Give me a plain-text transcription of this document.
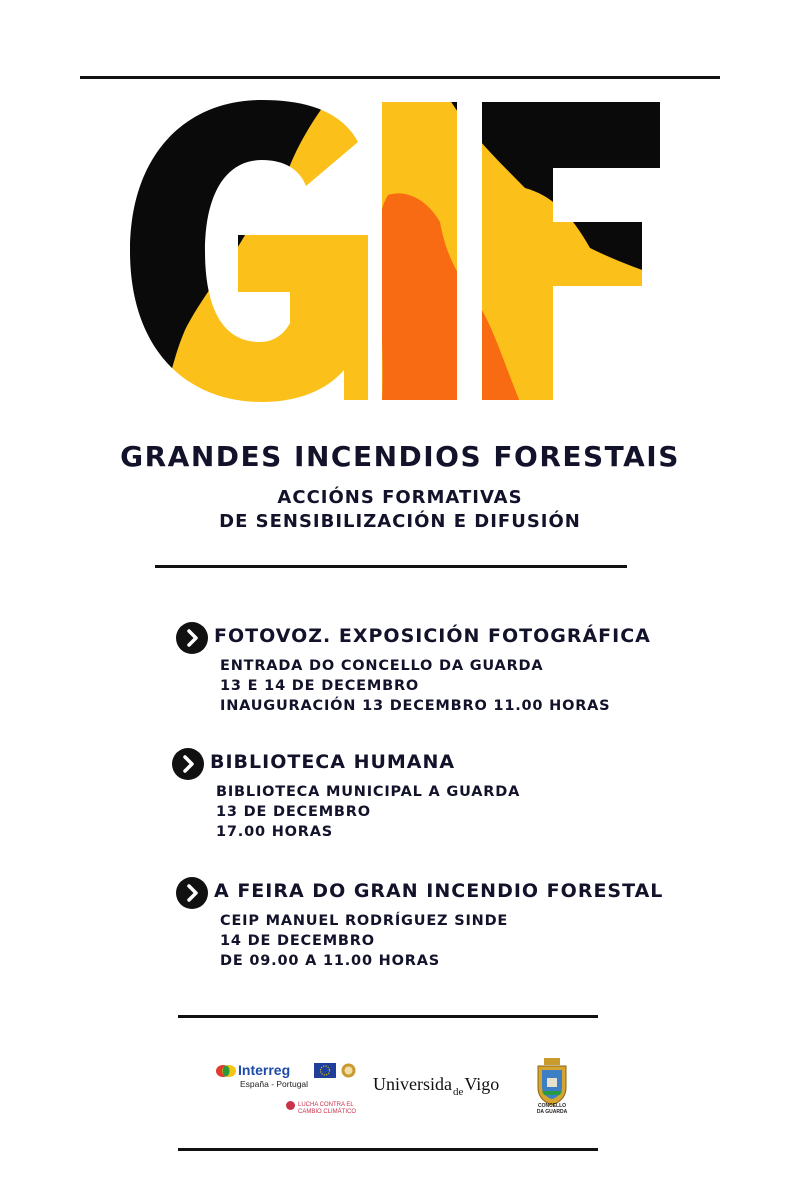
GRANDES INCENDIOS FORESTAIS
ACCIÓNS FORMATIVAS
DE SENSIBILIZACIÓN E DIFUSIÓN
FOTOVOZ. EXPOSICIÓN FOTOGRÁFICA
ENTRADA DO CONCELLO DA GUARDA
13 E 14 DE DECEMBRO
INAUGURACIÓN 13 DECEMBRO 11.00 HORAS
BIBLIOTECA HUMANA
BIBLIOTECA MUNICIPAL A GUARDA
13 DE DECEMBRO
17.00 HORAS
A FEIRA DO GRAN INCENDIO FORESTAL
CEIP MANUEL RODRÍGUEZ SINDE
14 DE DECEMBRO
DE 09.00 A 11.00 HORAS
Interreg
España - Portugal
LUCHA CONTRA EL
CAMBIO CLIMÁTICO
Universida$_{de}$Vigo
CONCELLO
DA GUARDA
